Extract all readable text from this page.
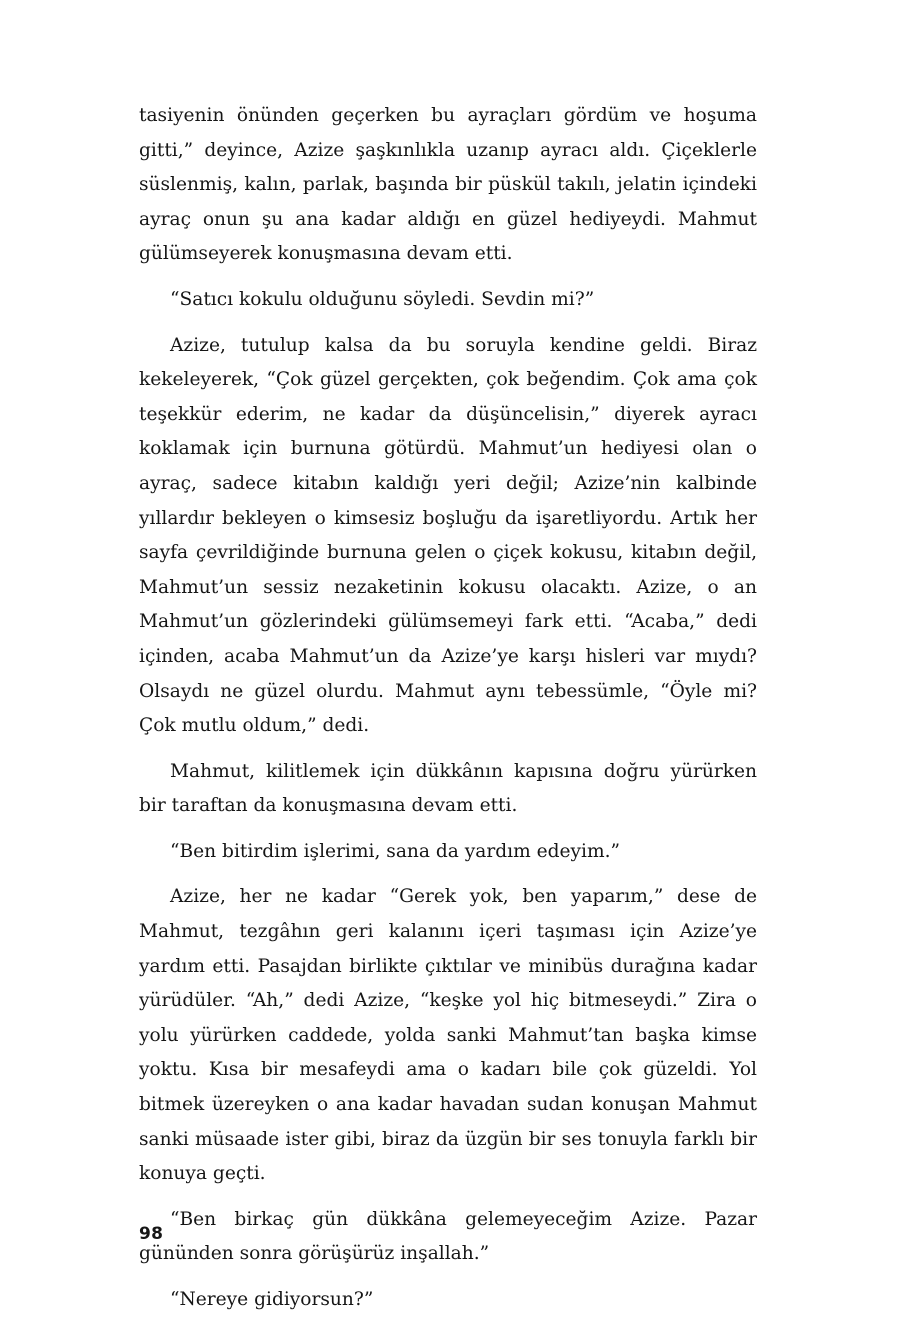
tasiyenin önünden geçerken bu ayraçları gördüm ve hoşuma gitti,” deyince, Azize şaşkınlıkla uzanıp ayracı aldı. Çiçeklerle süslenmiş, kalın, parlak, başında bir püskül takılı, jelatin içindeki ayraç onun şu ana kadar aldığı en güzel hediyeydi. Mahmut gülümseyerek konuşmasına devam etti.

“Satıcı kokulu olduğunu söyledi. Sevdin mi?”

Azize, tutulup kalsa da bu soruyla kendine geldi. Biraz kekeleyerek, “Çok güzel gerçekten, çok beğendim. Çok ama çok teşekkür ederim, ne kadar da düşüncelisin,” diyerek ayracı koklamak için burnuna götürdü. Mahmut’un hediyesi olan o ayraç, sadece kitabın kaldığı yeri değil; Azize’nin kalbinde yıllardır bekleyen o kimsesiz boşluğu da işaretliyordu. Artık her sayfa çevrildiğinde burnuna gelen o çiçek kokusu, kitabın değil, Mahmut’un sessiz nezaketinin kokusu olacaktı. Azize, o an Mahmut’un gözlerindeki gülümsemeyi fark etti. “Acaba,” dedi içinden, acaba Mahmut’un da Azize’ye karşı hisleri var mıydı? Olsaydı ne güzel olurdu. Mahmut aynı tebessümle, “Öyle mi? Çok mutlu oldum,” dedi.

Mahmut, kilitlemek için dükkânın kapısına doğru yürürken bir taraftan da konuşmasına devam etti.

“Ben bitirdim işlerimi, sana da yardım edeyim.”

Azize, her ne kadar “Gerek yok, ben yaparım,” dese de Mahmut, tezgâhın geri kalanını içeri taşıması için Azize’ye yardım etti. Pasajdan birlikte çıktılar ve minibüs durağına kadar yürüdüler. “Ah,” dedi Azize, “keşke yol hiç bitmeseydi.” Zira o yolu yürürken caddede, yolda sanki Mahmut’tan başka kimse yoktu. Kısa bir mesafeydi ama o kadarı bile çok güzeldi. Yol bitmek üzereyken o ana kadar havadan sudan konuşan Mahmut sanki müsaade ister gibi, biraz da üzgün bir ses tonuyla farklı bir konuya geçti.

“Ben birkaç gün dükkâna gelemeyeceğim Azize. Pazar gününden sonra görüşürüz inşallah.”

“Nereye gidiyorsun?”

98
